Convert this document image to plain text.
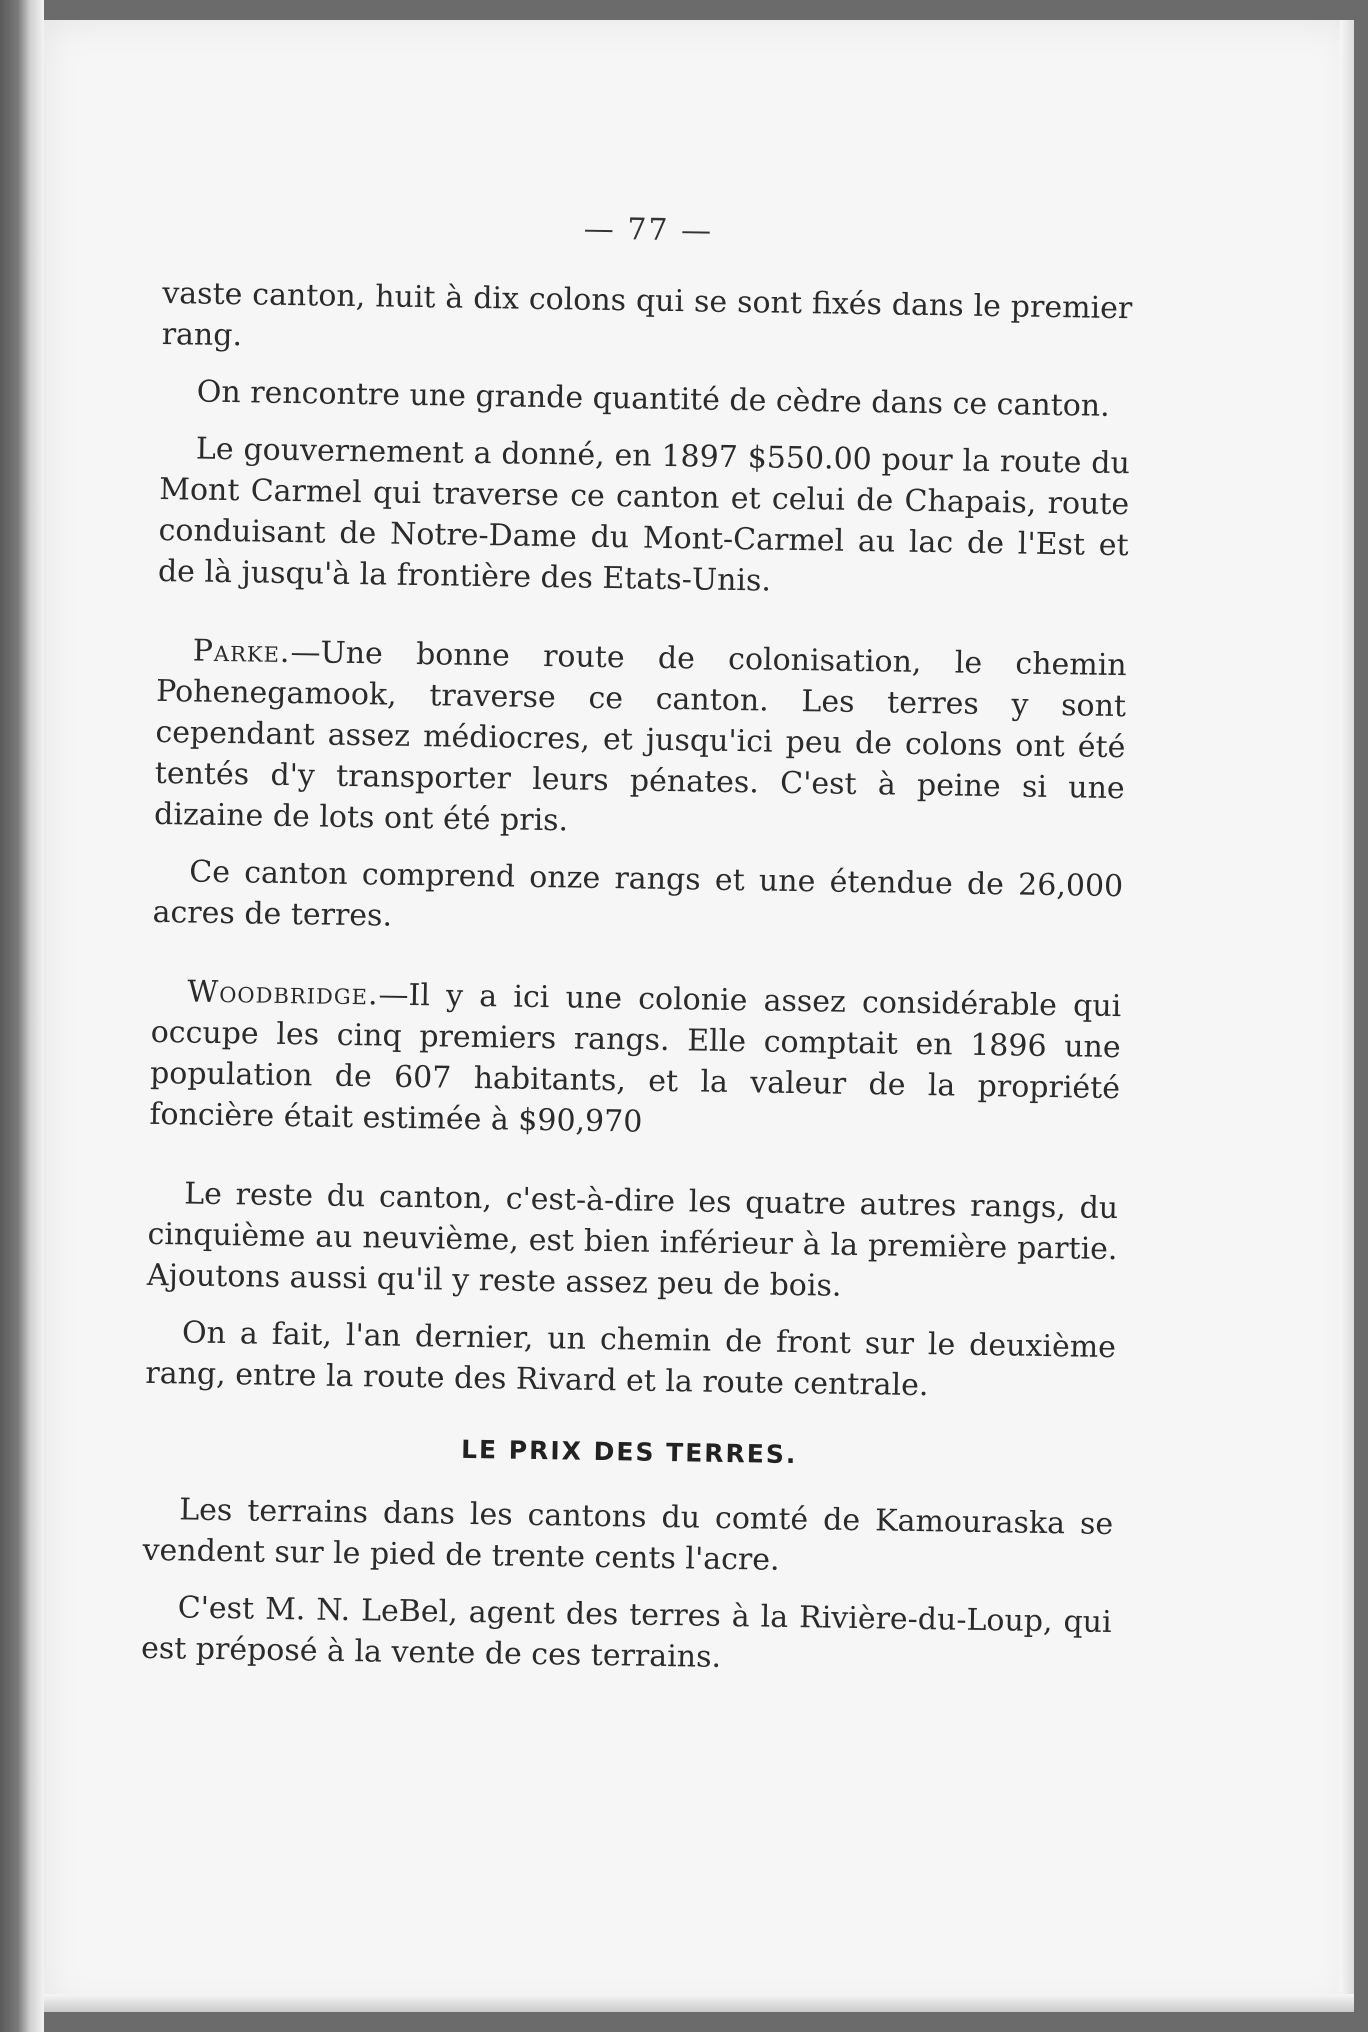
— 77 —

vaste canton, huit à dix colons qui se sont fixés dans le premier rang.

On rencontre une grande quantité de cèdre dans ce canton.

Le gouvernement a donné, en 1897 $550.00 pour la route du Mont Carmel qui traverse ce canton et celui de Chapais, route conduisant de Notre-Dame du Mont-Carmel au lac de l'Est et de là jusqu'à la frontière des Etats-Unis.

Parke.—Une bonne route de colonisation, le chemin Pohenegamook, traverse ce canton. Les terres y sont cependant assez médiocres, et jusqu'ici peu de colons ont été tentés d'y transporter leurs pénates. C'est à peine si une dizaine de lots ont été pris.

Ce canton comprend onze rangs et une étendue de 26,000 acres de terres.

Woodbridge.—Il y a ici une colonie assez considérable qui occupe les cinq premiers rangs. Elle comptait en 1896 une population de 607 habitants, et la valeur de la propriété foncière était estimée à $90,970

Le reste du canton, c'est-à-dire les quatre autres rangs, du cinquième au neuvième, est bien inférieur à la première partie. Ajoutons aussi qu'il y reste assez peu de bois.

On a fait, l'an dernier, un chemin de front sur le deuxième rang, entre la route des Rivard et la route centrale.

LE PRIX DES TERRES.

Les terrains dans les cantons du comté de Kamouraska se vendent sur le pied de trente cents l'acre.

C'est M. N. LeBel, agent des terres à la Rivière-du-Loup, qui est préposé à la vente de ces terrains.
